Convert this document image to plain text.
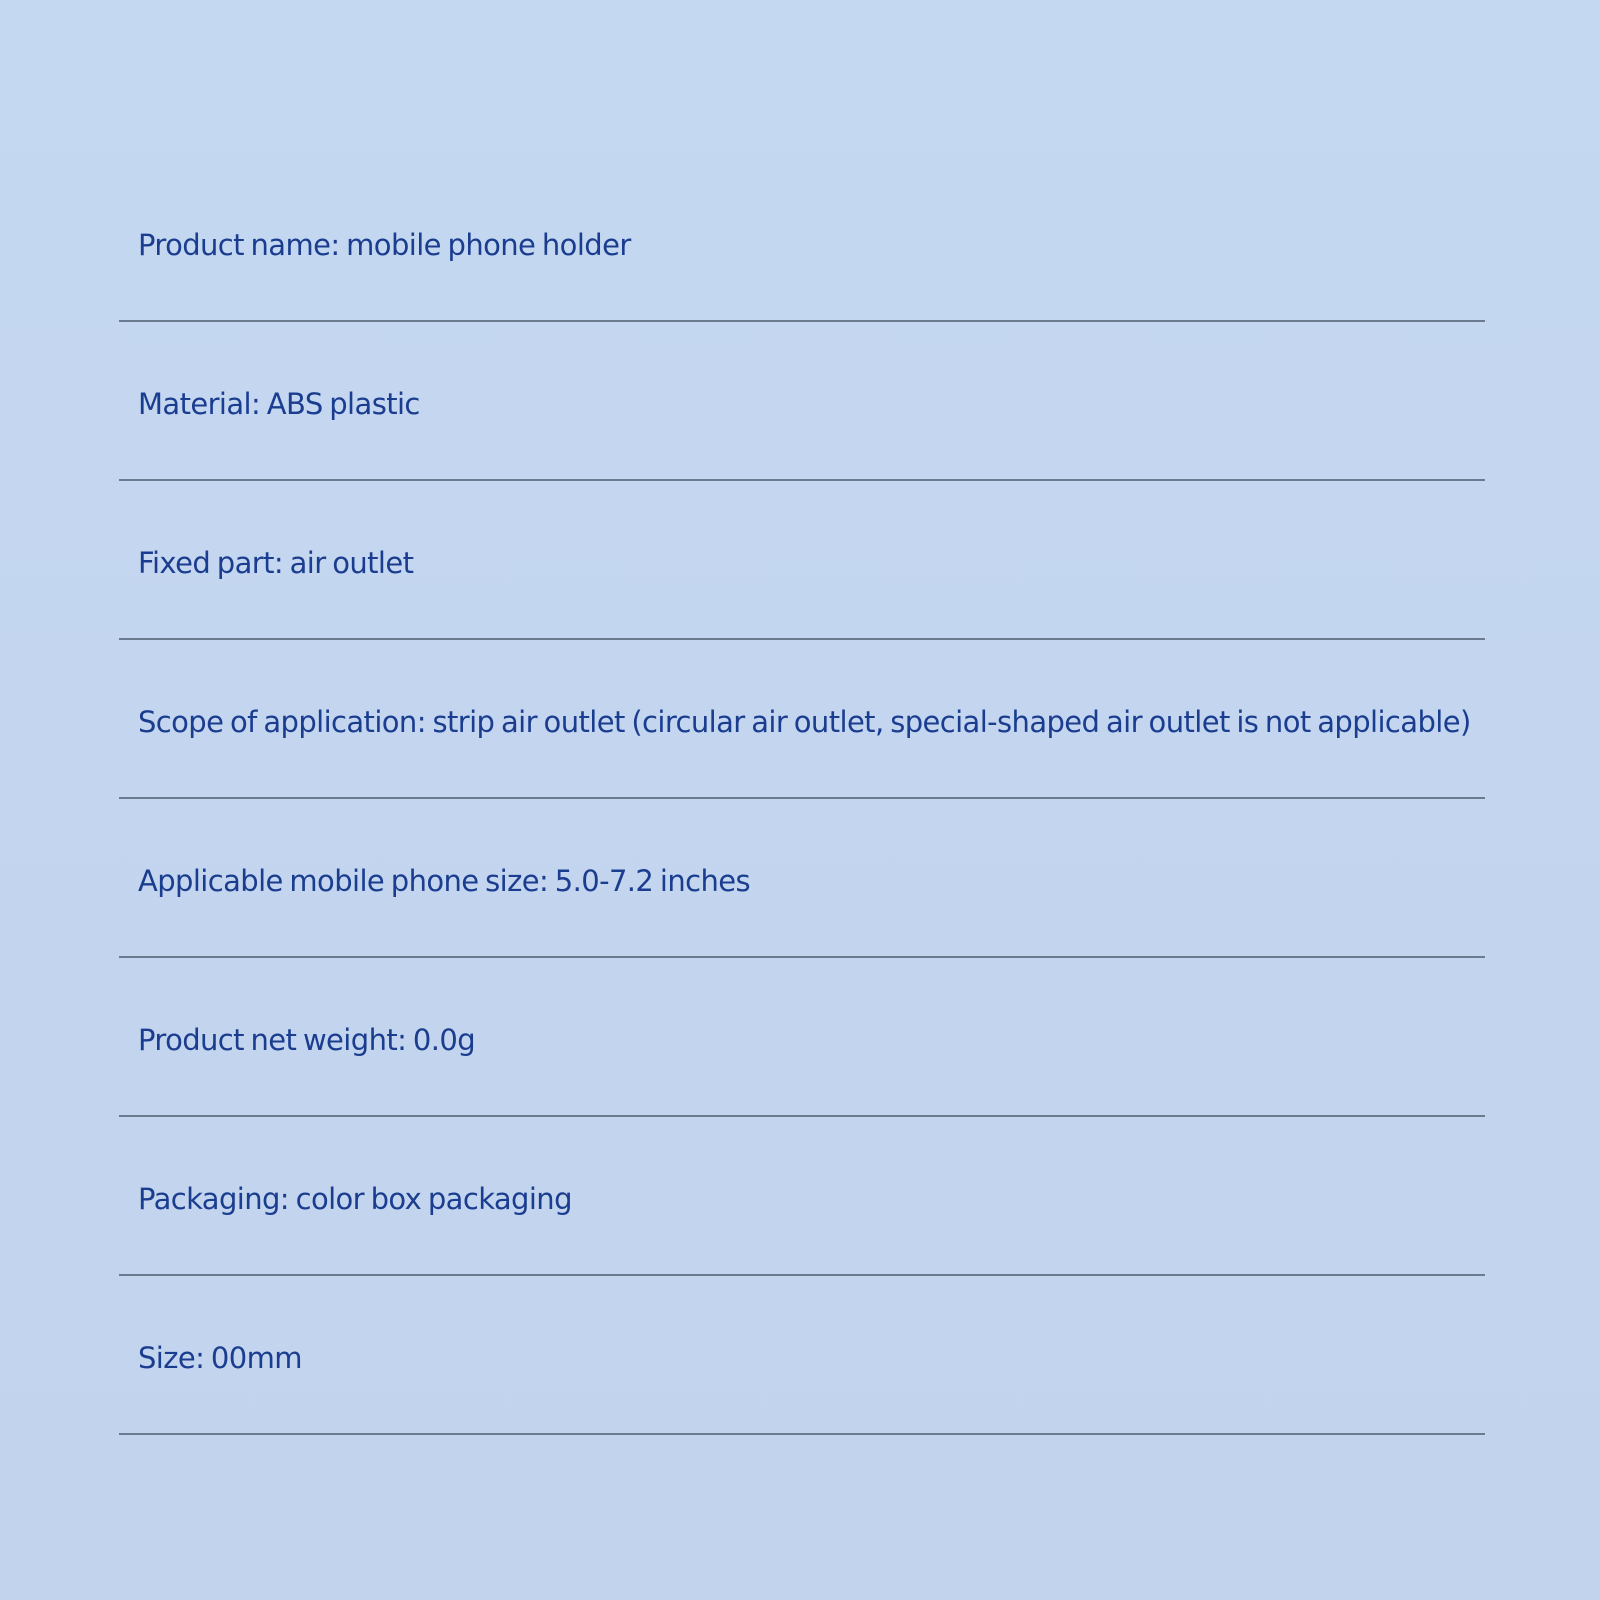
Product name: mobile phone holder
Material: ABS plastic
Fixed part: air outlet
Scope of application: strip air outlet (circular air outlet, special-shaped air outlet is not applicable)
Applicable mobile phone size: 5.0-7.2 inches
Product net weight: 0.0g
Packaging: color box packaging
Size: 00mm
